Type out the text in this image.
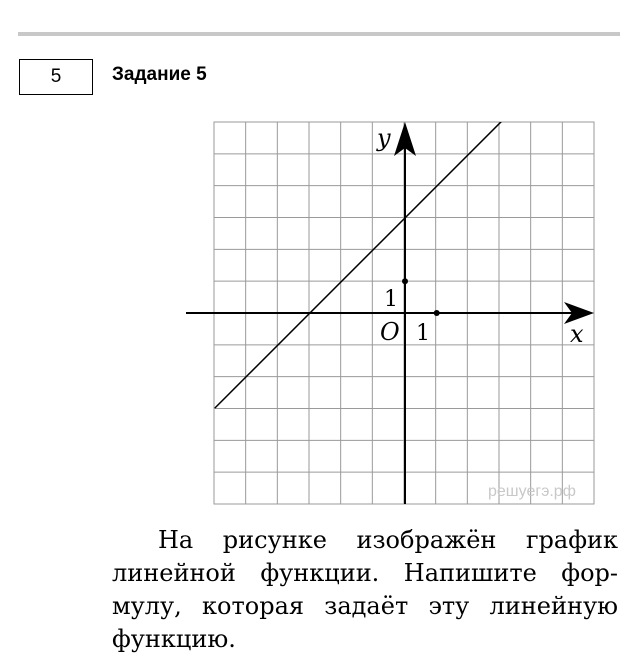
5	Задание 5
y
x
O 1
1
решуегэ.рф

На рисунке изображён график линейной функции. Напишите формулу, которая задаёт эту линейную функцию.
